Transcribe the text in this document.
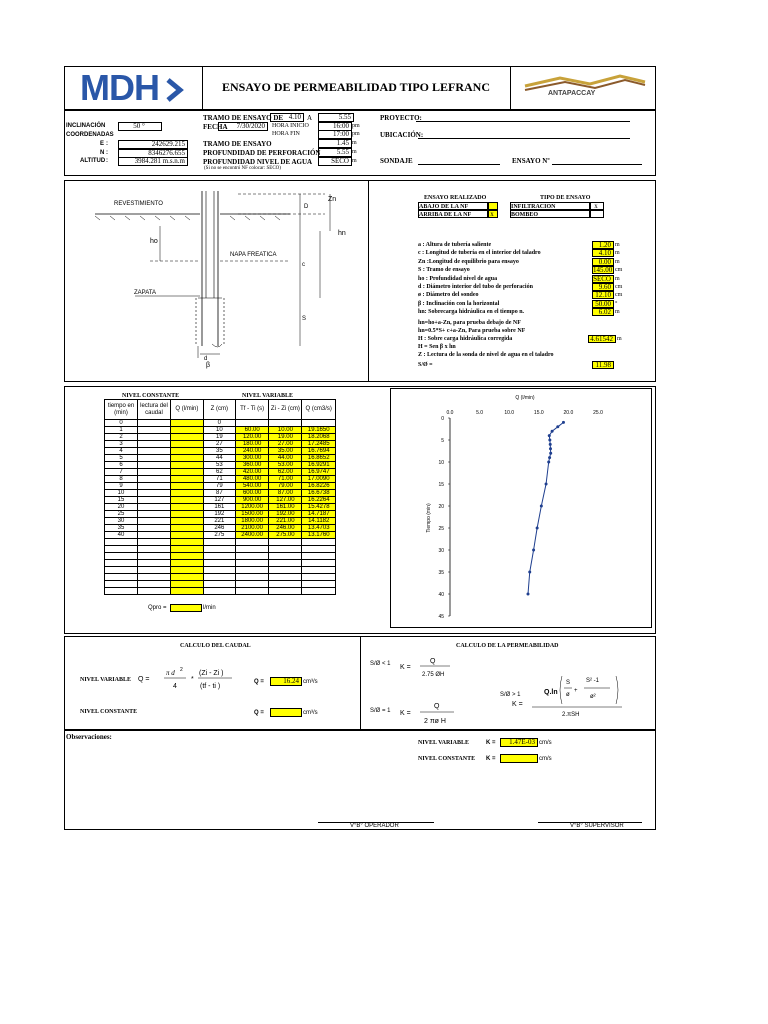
MDH	ENSAYO DE PERMEABILIDAD TIPO LEFRANC	ANTAPACCAY
TRAMO DE ENSAYO DE 4.10 A	5.55	PROYECTO:
INCLINACIÓN	50 °	FECHA	7/30/2020	HORA INICIO	16:00 pm
COORDENADAS	HORA FIN	17:00 pm	UBICACIÓN:
E :	242629.215	TRAMO DE ENSAYO	1.45 m
N :	8346276.655	PROFUNDIDAD DE PERFORACIÓN	5.55 m
ALTITUD :	3984.281 m.s.n.m	PROFUNDIDAD NIVEL DE AGUA	SECO m
(Si no se encontró NF colocar: SECO)
SONDAJE	ENSAYO Nº
REVESTIMIENTO
NAPA FREATICA
ZAPATA
D
Zn
hn
ho
c
S
d
β
ENSAYO REALIZADO	TIPO DE ENSAYO
ABAJO DE LA NF	INFILTRACION	x
ARRIBA DE LA NF	x	BOMBEO
a : Altura de tubería saliente	1.20 m
c : Longitud de tubería en el interior del taladro	4.10 m
Zn :Longitud de equilibrio para ensayo	0.00 m
S : Tramo de ensayo	145.00 cm
ho : Profundidad nivel de agua	SECO m
d : Diámetro interior del tubo de perforación	9.60 cm
ø : Diámetro del sondeo	12.10 cm
β : Inclinación con la horizontal	50.00 °
hn: Sobrecarga hidráulica en el tiempo n.	6.02 m
hn=ho+a-Zn, para prueba debajo de NF
hn=0.5*S+ c+a-Zn, Para prueba sobre NF
H : Sobre carga hidráulica corregida	4.61542 m
H = Sen β x hn
Z : Lectura de la sonda de nivel de agua en el taladro
S/Ø =	11.98
NIVEL CONSTANTE	NIVEL VARIABLE
tiempo en (min)	lectura del caudal	Q (l/min)	Z (cm)	Tf - Ti (s)	Zi - Zi (cm)	Q (cm3/s)
0			0			
1			10	60.00	10.00	19.1650
2			19	120.00	19.00	18.2068
3			27	180.00	27.00	17.2485
4			35	240.00	35.00	16.7694
5			44	300.00	44.00	16.8652
6			53	360.00	53.00	16.9291
7			62	420.00	62.00	16.9747
8			71	480.00	71.00	17.0090
9			79	540.00	79.00	16.8226
10			87	600.00	87.00	16.6738
15			127	900.00	127.00	16.2264
20			161	1200.00	161.00	15.4278
25			192	1500.00	192.00	14.7187
30			221	1800.00	221.00	14.1182
35			246	2100.00	246.00	13.4703
40			275	2400.00	275.00	13.1760

Qpro =	l/min
Q (l/min)
0.0	5.0	10.0	15.0	20.0	25.0
0
5
10
15
20
25
30
35
40
45
Tiempo (min)
CALCULO DEL CAUDAL	CALCULO DE LA PERMEABILIDAD
NIVEL VARIABLE Q =
π d 2
4
*
(Zi - Zi )
(tf - ti )
Q =	16.24 cm³/s
NIVEL CONSTANTE	Q =	cm³/s
S/Ø < 1 K =
Q
2.75 ØH
S/Ø > 1
K =
Q.ln
S
ø
+
S² -1
ø²
2.πSH
S/Ø = 1 K =
Q
2 πø H
Observaciones:
NIVEL VARIABLE	K =	1.47E-03 cm/s
NIVEL CONSTANTE K =	cm/s
V°B° OPERADOR	V°B° SUPERVISOR
